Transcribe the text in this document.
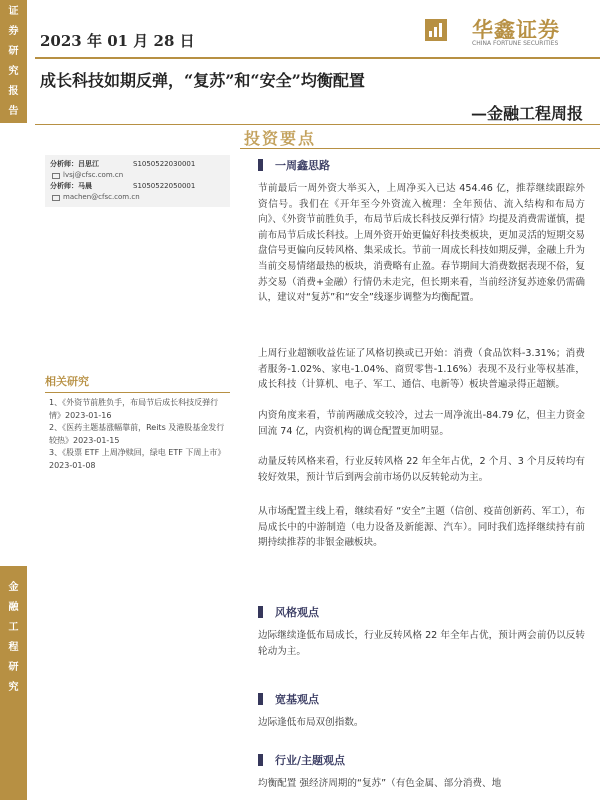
证
券
研
究
报
告
金
融
工
程
研
究
2023 年 01 月 28 日	华鑫证券
CHINA FORTUNE SECURITIES
成长科技如期反弹，“复苏”和“安全”均衡配置
—金融工程周报
投资要点
分析师：吕思江	S1050522030001
lvsj@cfsc.com.cn
分析师：马晨	S1050522050001
machen@cfsc.com.cn
相关研究
1、《外资节前胜负手，布局节后成长科技反弹行情》2023-01-16
2、《医药主题基涨幅靠前，Reits 及港股基金发行较热》2023-01-15
3、《股票 ETF 上周净赎回，绿电 ETF 下周上市》2023-01-08
一周鑫思路
节前最后一周外资大举买入，上周净买入已达 454.46 亿，推荐继续跟踪外资信号。我们在《开年至今外资流入梳理：全年预估、流入结构和布局方向》、《外资节前胜负手，布局节后成长科技反弹行情》均提及消费需谨慎，提前布局节后成长科技。上周外资开始更偏好科技类板块，更加灵活的短期交易盘信号更偏向反转风格、集采成长。节前一周成长科技如期反弹，金融上升为当前交易情绪最热的板块，消费略有止盈。春节期间大消费数据表现不俗，复苏交易（消费+金融）行情仍未走完，但长期来看，当前经济复苏迹象仍需确认，建议对“复苏”和“安全”线逐步调整为均衡配置。
上周行业超额收益佐证了风格切换或已开始：消费（食品饮料-3.31%；消费者服务-1.02%、家电-1.04%、商贸零售-1.16%）表现不及行业等权基准，成长科技（计算机、电子、军工、通信、电新等）板块普遍录得正超额。
内资角度来看，节前两融成交较冷，过去一周净流出-84.79 亿，但主力资金回流 74 亿，内资机构的调仓配置更加明显。
动量反转风格来看，行业反转风格 22 年全年占优，2 个月、3 个月反转均有较好效果，预计节后到两会前市场仍以反转轮动为主。
从市场配置主线上看，继续看好 “安全”主题（信创、疫苗创新药、军工），布局成长中的中游制造（电力设备及新能源、汽车）。同时我们选择继续持有前期持续推荐的非银金融板块。
风格观点
边际继续逢低布局成长，行业反转风格 22 年全年占优，预计两会前仍以反转轮动为主。
宽基观点
边际逢低布局双创指数。
行业/主题观点
均衡配置 强经济周期的“复苏”（有色金属、部分消费、地
